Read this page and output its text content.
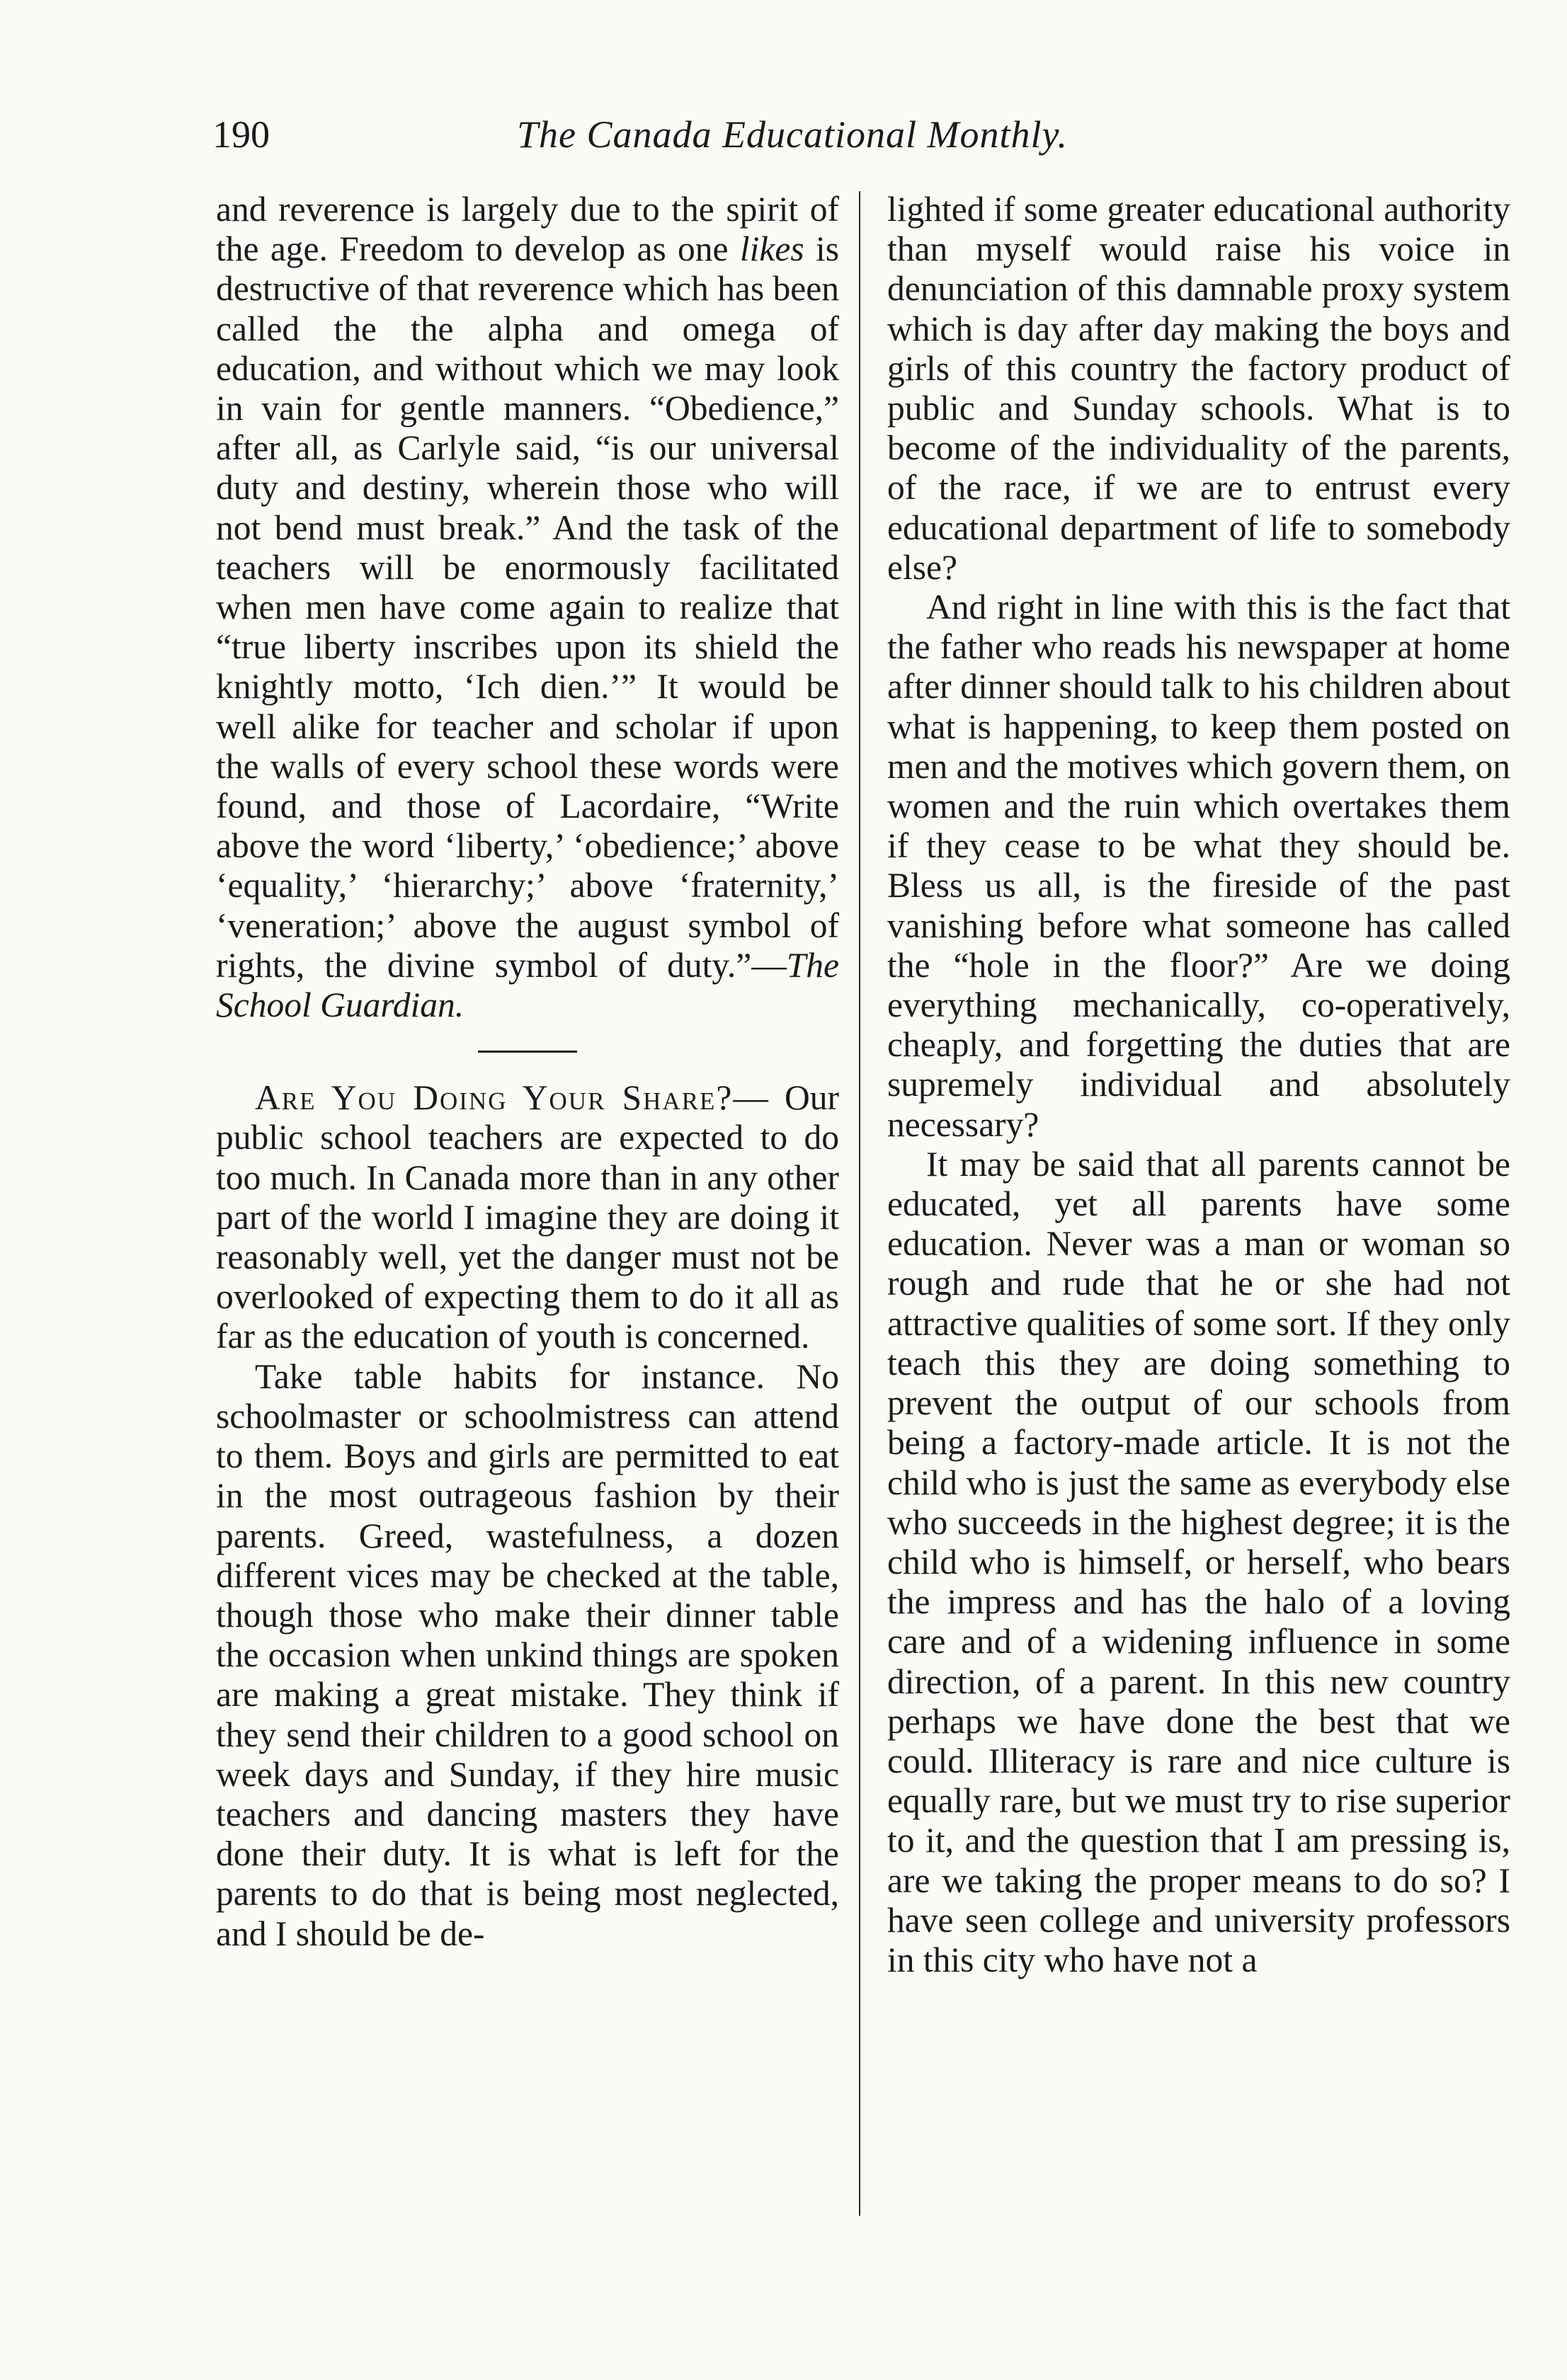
190	The Canada Educational Monthly.

and reverence is largely due to the spirit of the age. Freedom to develop as one likes is destructive of that reverence which has been called the the alpha and omega of education, and without which we may look in vain for gentle manners. “Obedience,” after all, as Carlyle said, “is our universal duty and destiny, wherein those who will not bend must break.” And the task of the teachers will be enormously facilitated when men have come again to realize that “true liberty inscribes upon its shield the knightly motto, ‘Ich dien.’” It would be well alike for teacher and scholar if upon the walls of every school these words were found, and those of Lacordaire, “Write above the word ‘liberty,’ ‘obedience;’ above ‘equality,’ ‘hierarchy;’ above ‘fraternity,’ ‘veneration;’ above the august symbol of rights, the divine symbol of duty.”—The School Guardian.

Are You Doing Your Share?— Our public school teachers are expected to do too much. In Canada more than in any other part of the world I imagine they are doing it reasonably well, yet the danger must not be overlooked of expecting them to do it all as far as the education of youth is concerned.

Take table habits for instance. No schoolmaster or schoolmistress can attend to them. Boys and girls are permitted to eat in the most outrageous fashion by their parents. Greed, wastefulness, a dozen different vices may be checked at the table, though those who make their dinner table the occasion when unkind things are spoken are making a great mistake. They think if they send their children to a good school on week days and Sunday, if they hire music teachers and dancing masters they have done their duty. It is what is left for the parents to do that is being most neglected, and I should be de-

lighted if some greater educational authority than myself would raise his voice in denunciation of this damnable proxy system which is day after day making the boys and girls of this country the factory product of public and Sunday schools. What is to become of the individuality of the parents, of the race, if we are to entrust every educational department of life to somebody else?

And right in line with this is the fact that the father who reads his newspaper at home after dinner should talk to his children about what is happening, to keep them posted on men and the motives which govern them, on women and the ruin which overtakes them if they cease to be what they should be. Bless us all, is the fireside of the past vanishing before what someone has called the “hole in the floor?” Are we doing everything mechanically, co-operatively, cheaply, and forgetting the duties that are supremely individual and absolutely necessary?

It may be said that all parents cannot be educated, yet all parents have some education. Never was a man or woman so rough and rude that he or she had not attractive qualities of some sort. If they only teach this they are doing something to prevent the output of our schools from being a factory-made article. It is not the child who is just the same as everybody else who succeeds in the highest degree; it is the child who is himself, or herself, who bears the impress and has the halo of a loving care and of a widening influence in some direction, of a parent. In this new country perhaps we have done the best that we could. Illiteracy is rare and nice culture is equally rare, but we must try to rise superior to it, and the question that I am pressing is, are we taking the proper means to do so? I have seen college and university professors in this city who have not a
